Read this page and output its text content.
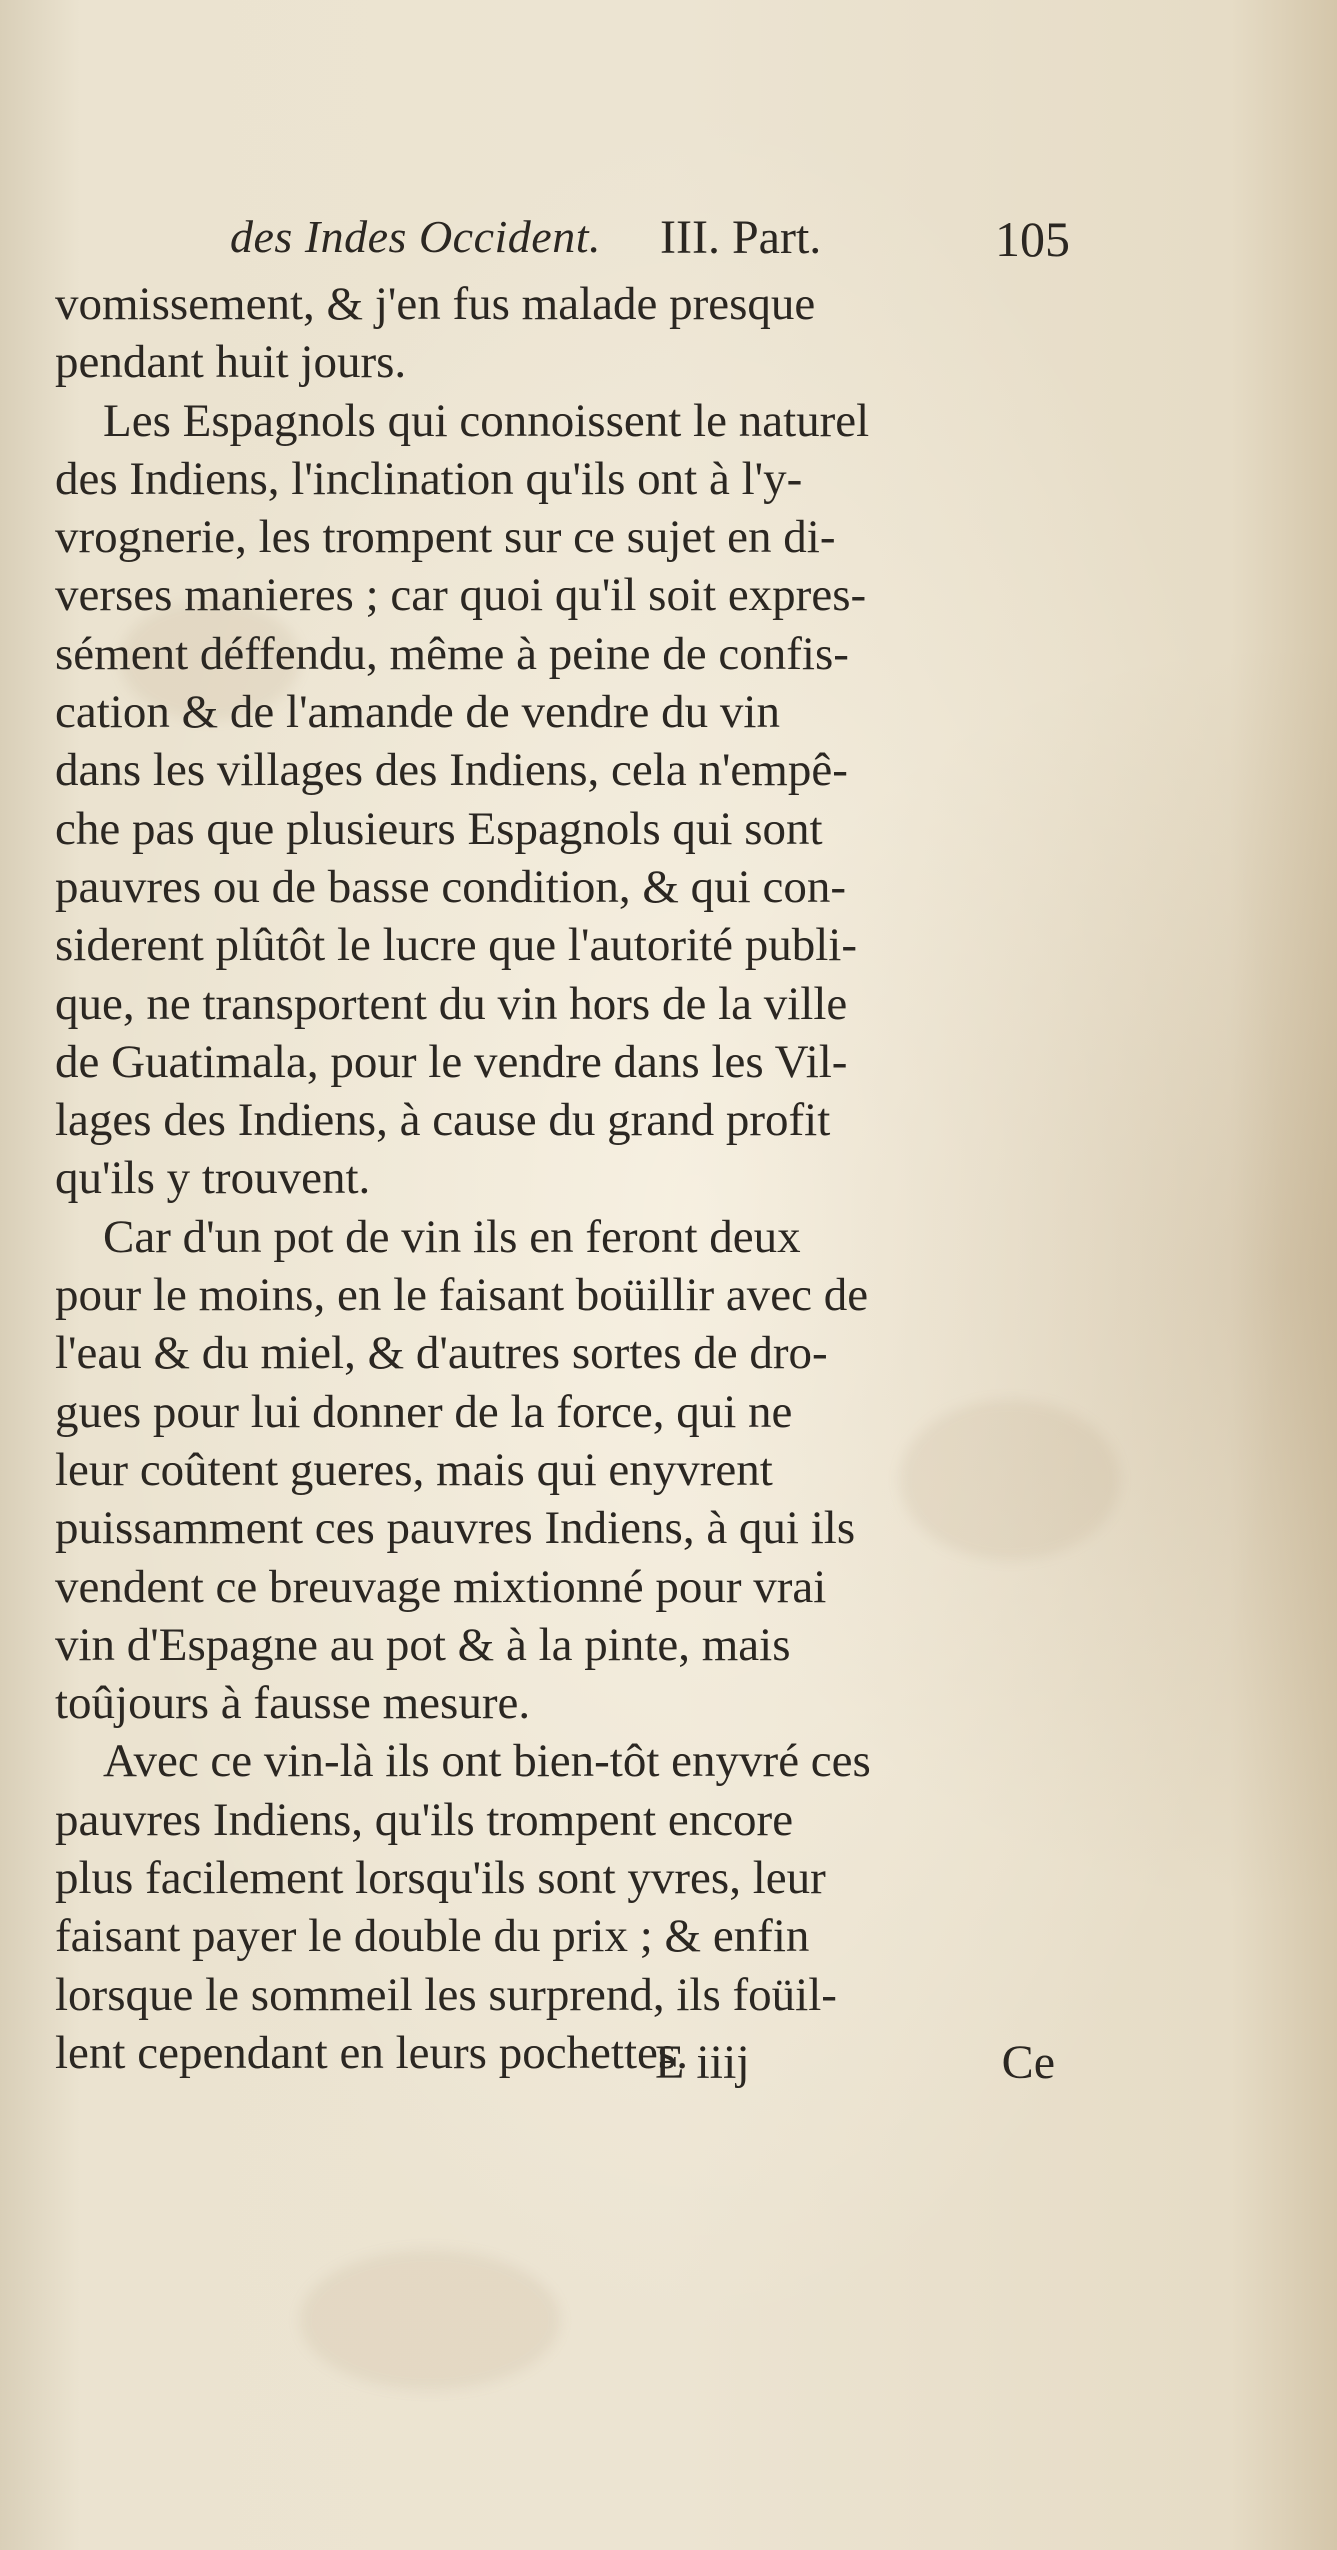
des Indes Occident. III. Part.	105
vomissement, & j'en fus malade presque
pendant huit jours.
Les Espagnols qui connoissent le naturel
des Indiens, l'inclination qu'ils ont à l'y-
vrognerie, les trompent sur ce sujet en di-
verses manieres ; car quoi qu'il soit expres-
sément déffendu, même à peine de confis-
cation & de l'amande de vendre du vin
dans les villages des Indiens, cela n'empê-
che pas que plusieurs Espagnols qui sont
pauvres ou de basse condition, & qui con-
siderent plûtôt le lucre que l'autorité publi-
que, ne transportent du vin hors de la ville
de Guatimala, pour le vendre dans les Vil-
lages des Indiens, à cause du grand profit
qu'ils y trouvent.
Car d'un pot de vin ils en feront deux
pour le moins, en le faisant boüillir avec de
l'eau & du miel, & d'autres sortes de dro-
gues pour lui donner de la force, qui ne
leur coûtent gueres, mais qui enyvrent
puissamment ces pauvres Indiens, à qui ils
vendent ce breuvage mixtionné pour vrai
vin d'Espagne au pot & à la pinte, mais
toûjours à fausse mesure.
Avec ce vin-là ils ont bien-tôt enyvré ces
pauvres Indiens, qu'ils trompent encore
plus facilement lorsqu'ils sont yvres, leur
faisant payer le double du prix ; & enfin
lorsque le sommeil les surprend, ils foüil-
lent cependant en leurs pochettes.
E iiij	Ce
